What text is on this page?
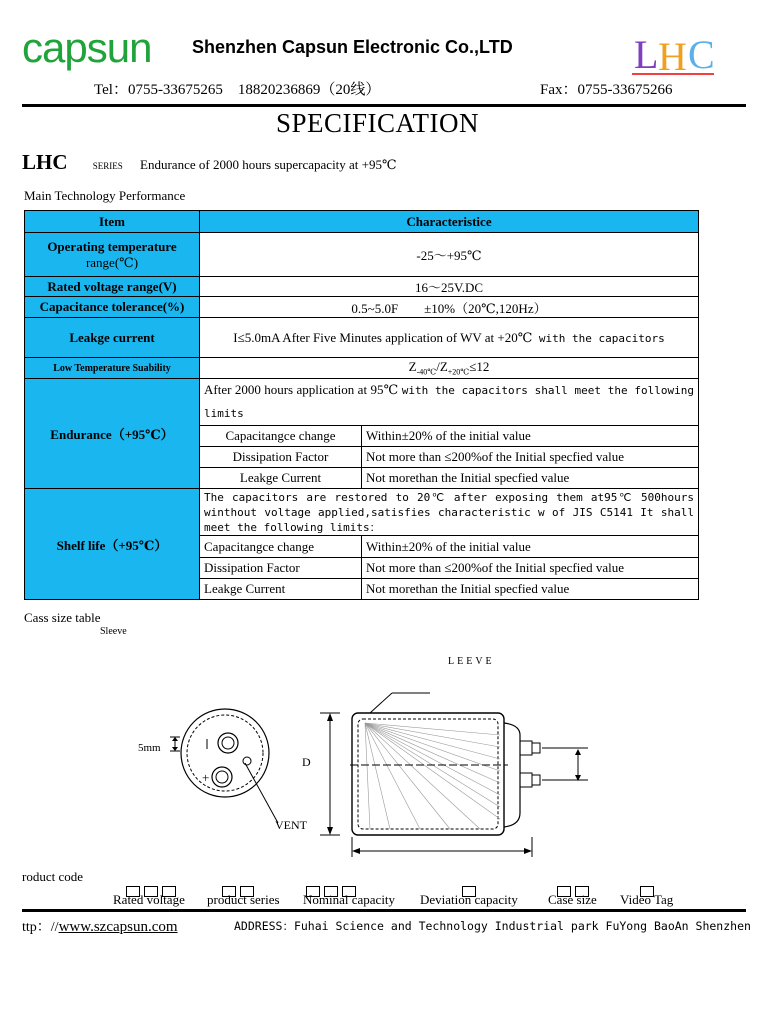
capsun Shenzhen Capsun Electronic Co.,LTD	L H C
Tel：0755-33675265　18820236869（20线）	Fax：0755-33675266
SPECIFICATION
LHC	SERIES Endurance of 2000 hours supercapacity at +95℃
Main Technology Performance
Item	Characteristice	

Operating temperature
range(℃)	-25～+95℃	
Rated voltage range(V)	16～25V.DC	
Capacitance tolerance(%)	0.5~5.0F　　±10%（20℃,120Hz）	
Leakge current	I≤5.0mA After Five Minutes application of WV at +20℃ with the capacitors	
Low Temperature Suability	$Z_{-40℃}/Z_{+20℃}\le 12$	
Endurance（+95℃）	After 2000 hours application at 95℃ with the capacitors shall meet the following limits	
	Capacitangce change	Within±20% of the initial value
	Dissipation Factor	Not more than ≤200%of the Initial specfied value
	Leakge Current	Not morethan the Initial specfied value
Shelf life（+95℃）	The capacitors are restored to 20℃ after exposing them at95℃ 500hours winthout voltage applied,satisfies characteristic w of JIS C5141 It shall meet the following limits：	
	Capacitangce change	Within±20% of the initial value
	Dissipation Factor	Not more than ≤200%of the Initial specfied value
	Leakge Current	Not morethan the Initial specfied value
Cass size table
Sleeve
LEEVE
5mm
+
VENT
D
roduct code
Rated voltage product series Nominal capacity Deviation capacity Case size Video Tag
ttp：//www.szcapsun.com	ADDRESS：Fuhai Science and Technology Industrial park FuYong BaoAn Shenzhen
